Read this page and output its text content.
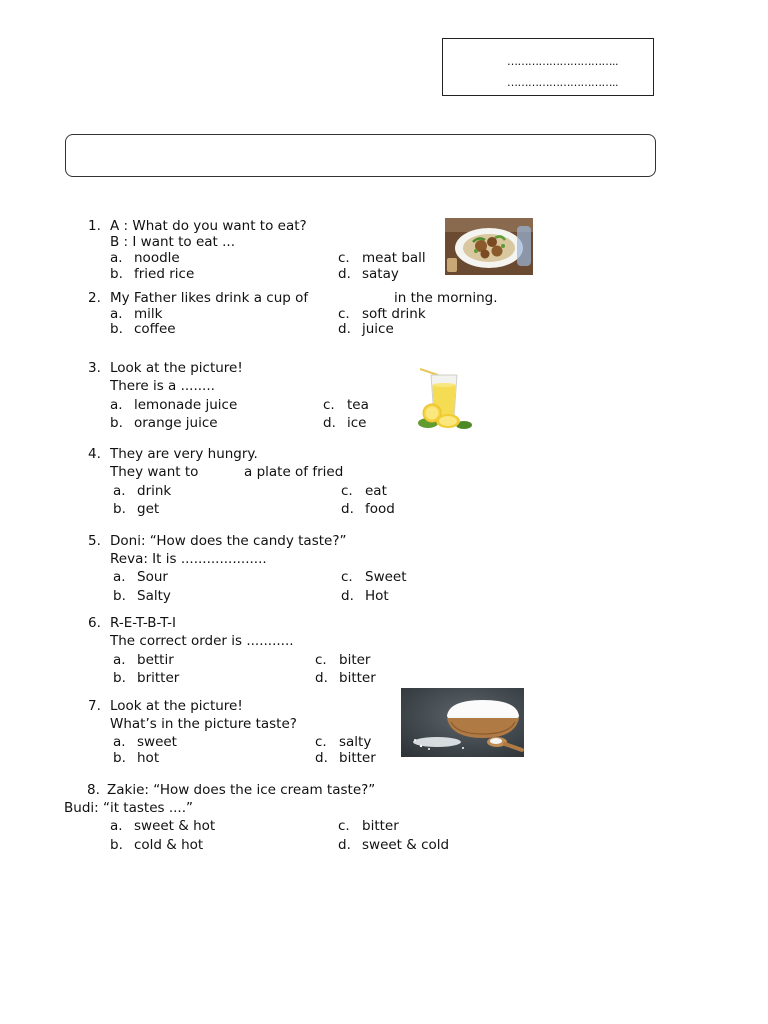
…………………………..
…………………………..
1. A : What do you want to eat?
B : I want to eat ...
a. noodle
b. fried rice
c. meat ball
d. satay
2. My Father likes drink a cup of	in the morning.
a. milk
b. coffee
c. soft drink
d. juice
3. Look at the picture!
There is a ........
a. lemonade juice
b. orange juice
c. tea
d. ice
4. They are very hungry.
They want to	a plate of fried
a. drink
b. get
c. eat
d. food
5. Doni: “How does the candy taste?”
Reva: It is ....................
a. Sour
b. Salty
c. Sweet
d. Hot
6. R-E-T-B-T-I
The correct order is ...........
a. bettir
b. britter
c. biter
d. bitter
7. Look at the picture!
What’s in the picture taste?
a. sweet
b. hot
c. salty
d. bitter
8. Zakie: “How does the ice cream taste?”
Budi: “it tastes ....”
a. sweet & hot
b. cold & hot
c. bitter
d. sweet & cold
